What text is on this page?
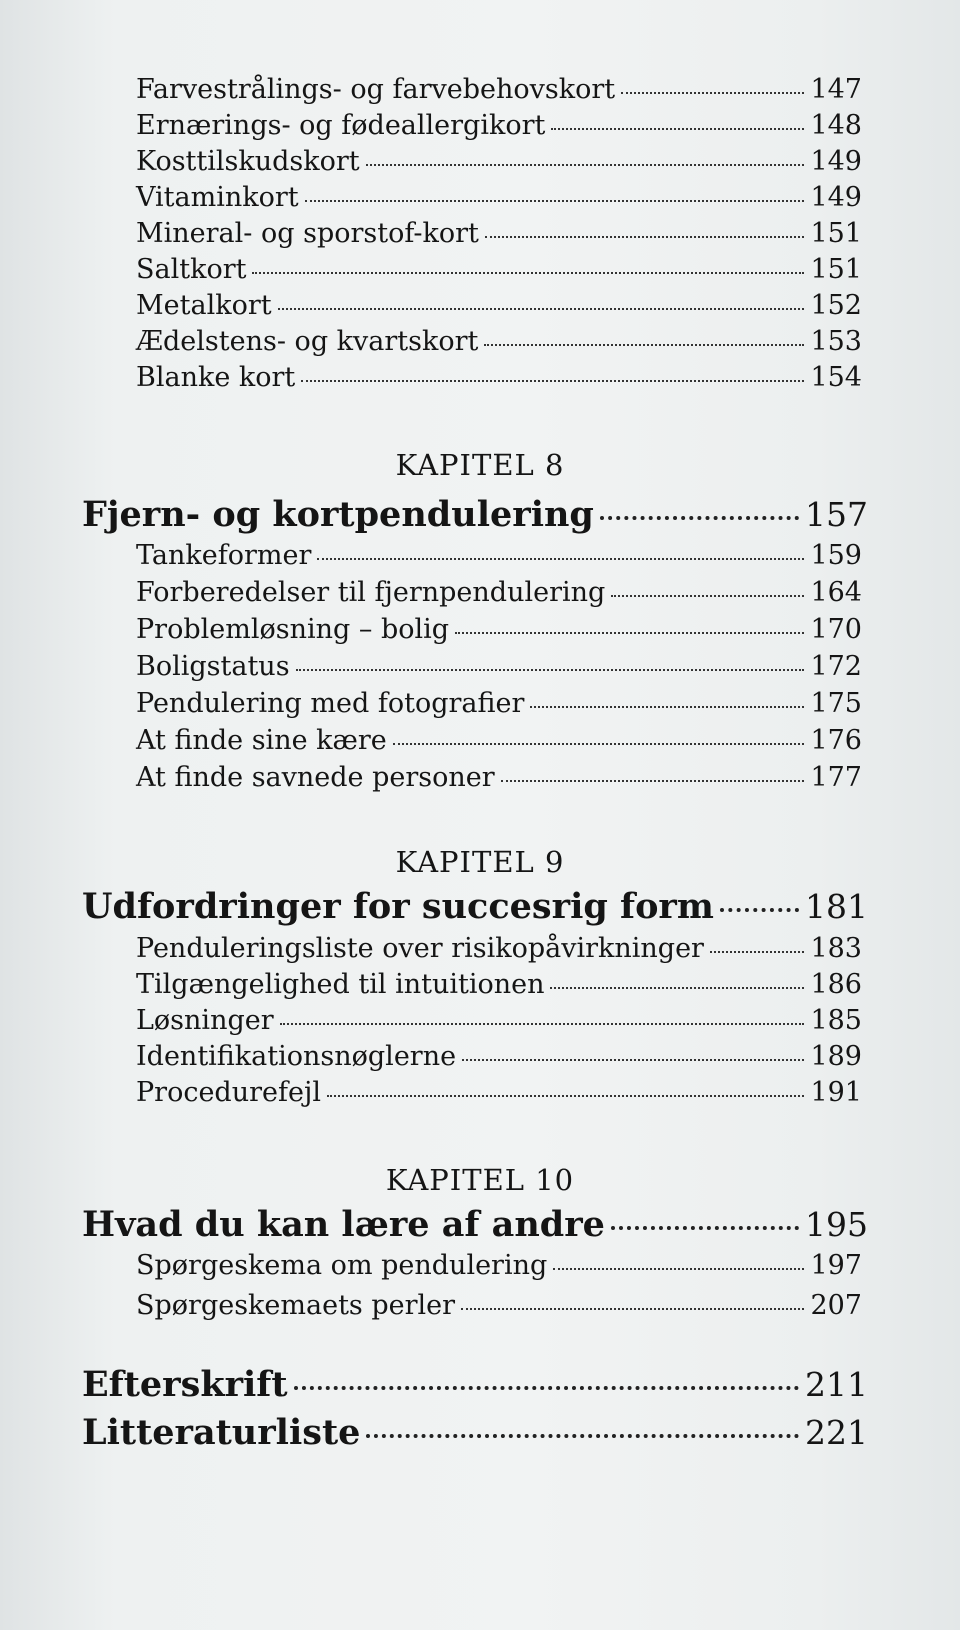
Farvestrålings- og farvebehovskort	147
Ernærings- og fødeallergikort	148
Kosttilskudskort	149
Vitaminkort	149
Mineral- og sporstof-kort	151
Saltkort	151
Metalkort	152
Ædelstens- og kvartskort	153
Blanke kort	154
KAPITEL 8
Fjern- og kortpendulering	157
Tankeformer	159
Forberedelser til fjernpendulering	164
Problemløsning – bolig	170
Boligstatus	172
Pendulering med fotografier	175
At finde sine kære	176
At finde savnede personer	177
KAPITEL 9
Udfordringer for succesrig form	181
Penduleringsliste over risikopåvirkninger	183
Tilgængelighed til intuitionen	186
Løsninger	185
Identifikationsnøglerne	189
Procedurefejl	191
KAPITEL 10
Hvad du kan lære af andre	195
Spørgeskema om pendulering	197
Spørgeskemaets perler	207
Efterskrift	211
Litteraturliste	221
